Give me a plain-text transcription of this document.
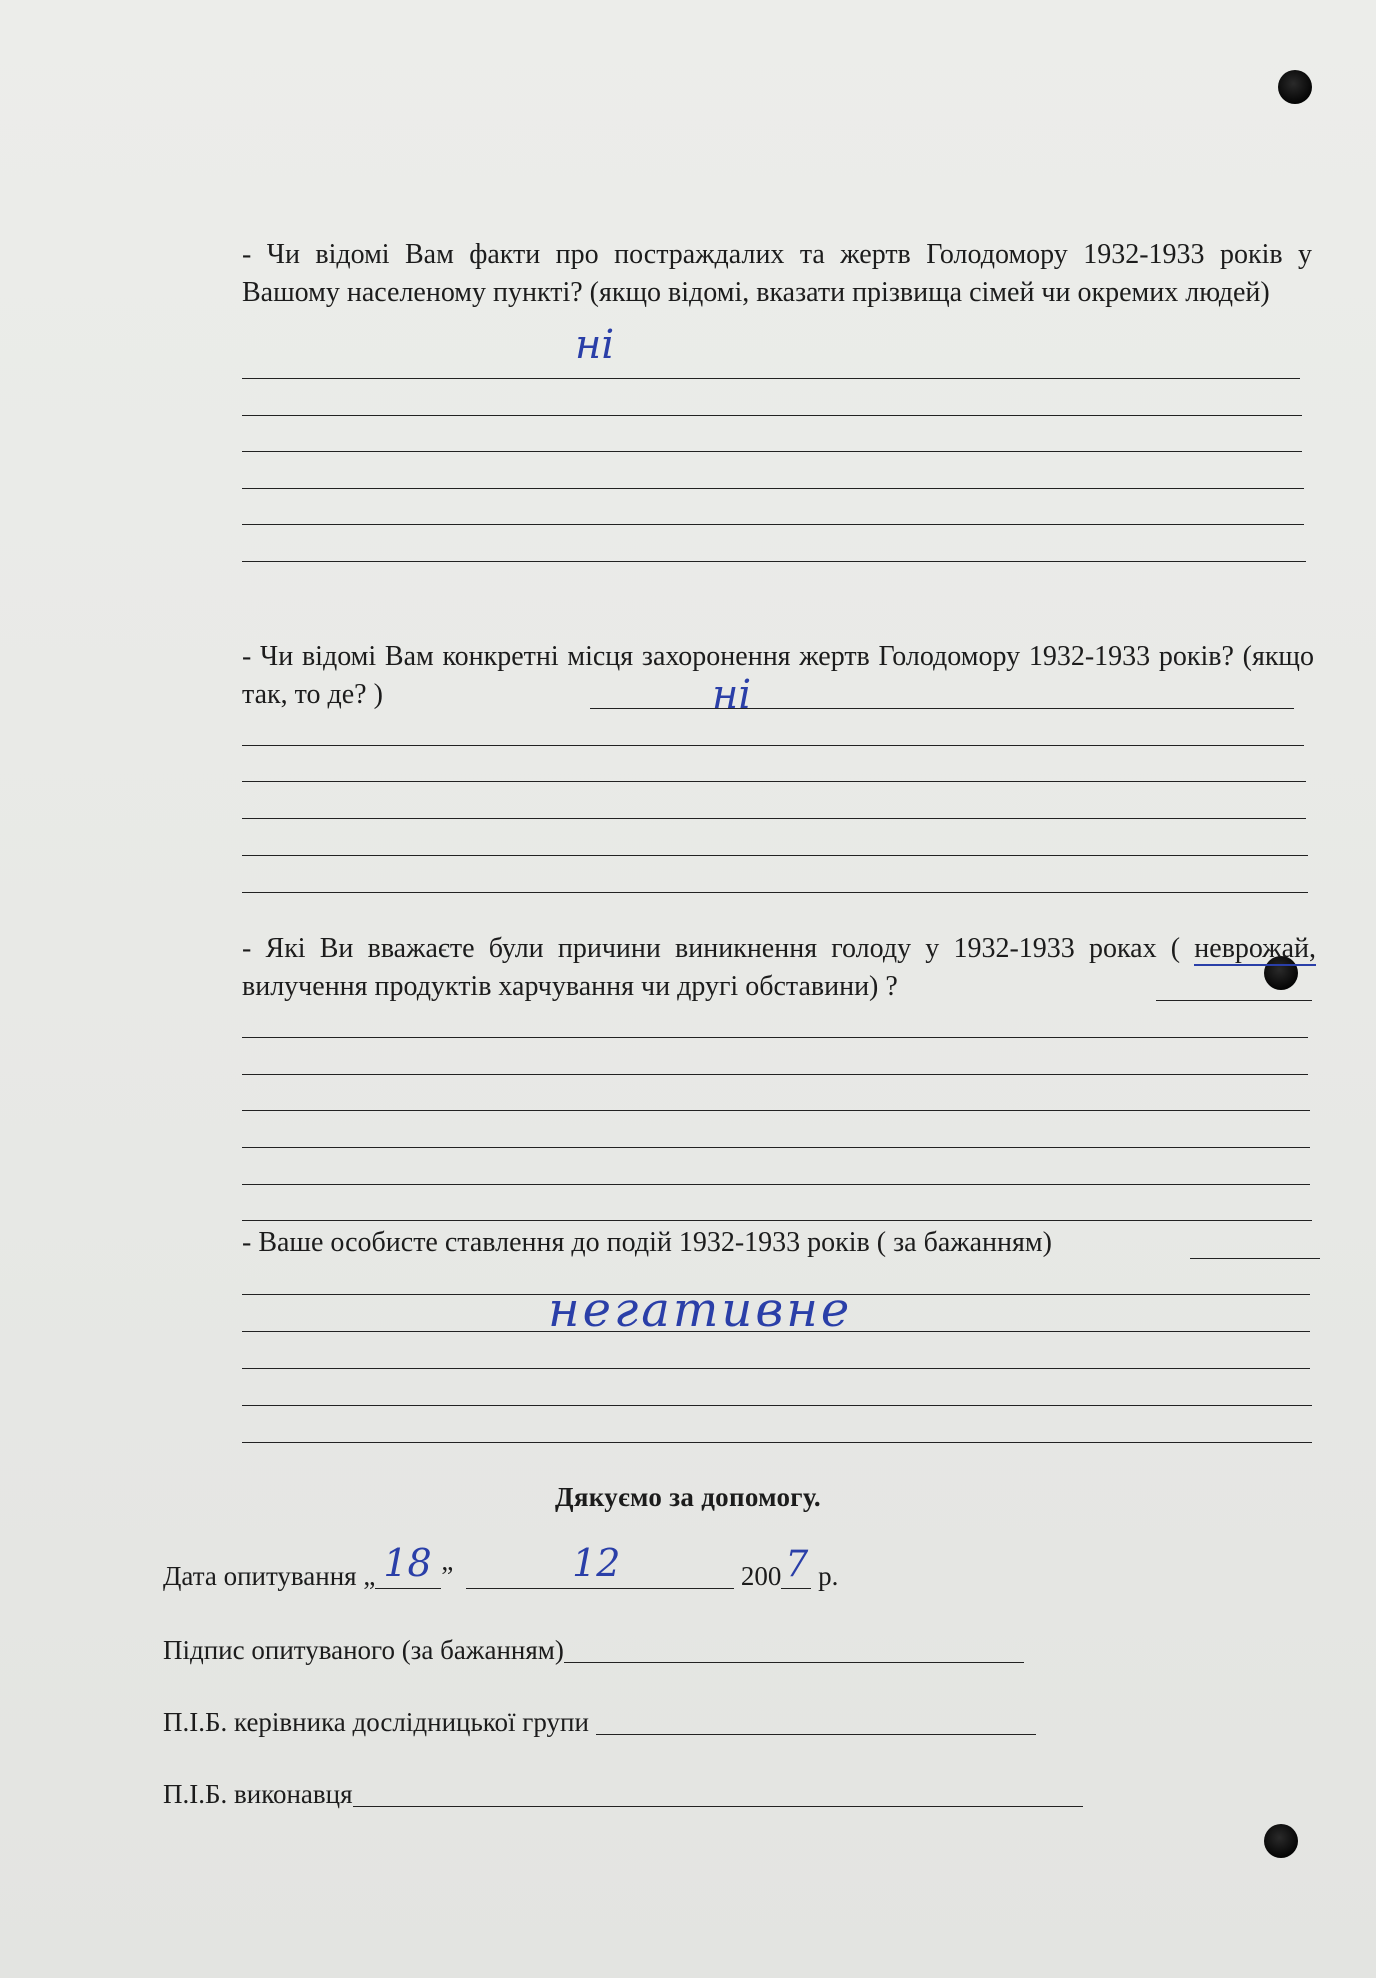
- Чи відомі Вам факти про постраждалих та жертв Голодомору 1932-1933 років у Вашому населеному пункті? (якщо відомі, вказати прізвища сімей чи окремих людей)
ні
- Чи відомі Вам конкретні місця захоронення жертв Голодомору 1932-1933 років? (якщо так, то де? )	ні
- Які Ви вважаєте були причини виникнення голоду у 1932-1933 роках ( неврожай, вилучення продуктів харчування чи другі обставини) ?
- Ваше особисте ставлення до подій 1932-1933 років ( за бажанням)
негативне
Дякуємо за допомогу.
Дата опитування „ 18 ”	12	200 7 р.
Підпис опитуваного (за бажанням)
П.І.Б. керівника дослідницької групи
П.І.Б. виконавця
